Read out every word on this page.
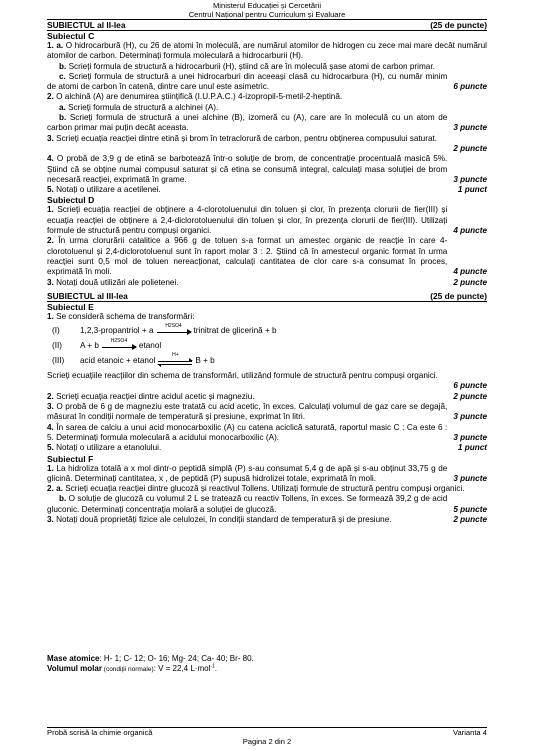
Ministerul Educației și Cercetării
Centrul Național pentru Curriculum și Evaluare
SUBIECTUL al II-lea	(25 de puncte)
Subiectul C

1. a. O hidrocarbură (H), cu 26 de atomi în moleculă, are numărul atomilor de hidrogen cu zece mai mare decât numărul atomilor de carbon. Determinați formula moleculară a hidrocarburii (H).

b. Scrieți formula de structură a hidrocarburii (H), știind că are în moleculă șase atomi de carbon primar.

c. Scrieți formula de structură a unei hidrocarburi din aceeași clasă cu hidrocarbura (H), cu număr minim de atomi de carbon în catenă, dintre care unul este asimetric.	6 puncte

2. O alchină (A) are denumirea științifică (I.U.P.A.C.) 4-izopropil-5-metil-2-heptină.

a. Scrieți formula de structură a alchinei (A).

b. Scrieți formula de structură a unei alchine (B), izomeră cu (A), care are în moleculă cu un atom de carbon primar mai puțin decât aceasta.	3 puncte

3. Scrieți ecuația reacției dintre etină și brom în tetraclorură de carbon, pentru obținerea compusului saturat.

2 puncte

4. O probă de 3,9 g de etină se barbotează într-o soluție de brom, de concentrație procentuală masică 5%. Știind că se obține numai compusul saturat și că etina se consumă integral, calculați masa soluției de brom necesară reacției, exprimată în grame.	3 puncte

5. Notați o utilizare a acetilenei.	1 punct
Subiectul D

1. Scrieți ecuația reacției de obținere a 4-clorotoluenului din toluen și clor, în prezența clorurii de fier(III) și ecuația reacției de obținere a 2,4-diclorotoluenului din toluen și clor, în prezența clorurii de fier(III). Utilizați formule de structură pentru compuși organici.	4 puncte

2. În urma clorurării catalitice a 966 g de toluen s-a format un amestec organic de reacție în care 4-clorotoluenul și 2,4-diclorotoluenul sunt în raport molar 3 : 2. Știind că în amestecul organic format în urma reacției sunt 0,5 mol de toluen nereacționat, calculați cantitatea de clor care s-a consumat în proces, exprimată în moli.	4 puncte

3. Notați două utilizări ale polietenei.	2 puncte
SUBIECTUL al III-lea	(25 de puncte)
Subiectul E

1. Se consideră schema de transformări:

(I)	1,2,3-propantriol + a
H2SO4
trinitrat de glicerină + b
(II)	A + b
H2SO4
etanol
(III)	acid etanoic + etanol
H+
B + b

Scrieți ecuațiile reacțiilor din schema de transformări, utilizând formule de structură pentru compuși organici.

6 puncte

2. Scrieți ecuația reacției dintre acidul acetic și magneziu.	2 puncte

3. O probă de 6 g de magneziu este tratată cu acid acetic, în exces. Calculați volumul de gaz care se degajă, măsurat în condiții normale de temperatură și presiune, exprimat în litri.	3 puncte

4. În sarea de calciu a unui acid monocarboxilic (A) cu catena aciclică saturată, raportul masic C : Ca este 6 : 5. Determinați formula moleculară a acidului monocarboxilic (A).	3 puncte

5. Notați o utilizare a etanolului.	1 punct
Subiectul F

1. La hidroliza totală a x mol dintr-o peptidă simplă (P) s-au consumat 5,4 g de apă și s-au obținut 33,75 g de glicină. Determinați cantitatea, x , de peptidă (P) supusă hidrolizei totale, exprimată în moli.	3 puncte

2. a. Scrieți ecuația reacției dintre glucoză și reactivul Tollens. Utilizați formule de structură pentru compuși organici.

b. O soluție de glucoză cu volumul 2 L se tratează cu reactiv Tollens, în exces. Se formează 39,2 g de acid gluconic. Determinați concentrația molară a soluției de glucoză.	5 puncte

3. Notați două proprietăți fizice ale celulozei, în condiții standard de temperatură și de presiune.	2 puncte
Mase atomice: H- 1; C- 12; O- 16; Mg- 24; Ca- 40; Br- 80.
Volumul molar (condiții normale): V = 22,4 L·mol$^{-1}$.
Probă scrisă la chimie organică	Varianta 4
Pagina 2 din 2
